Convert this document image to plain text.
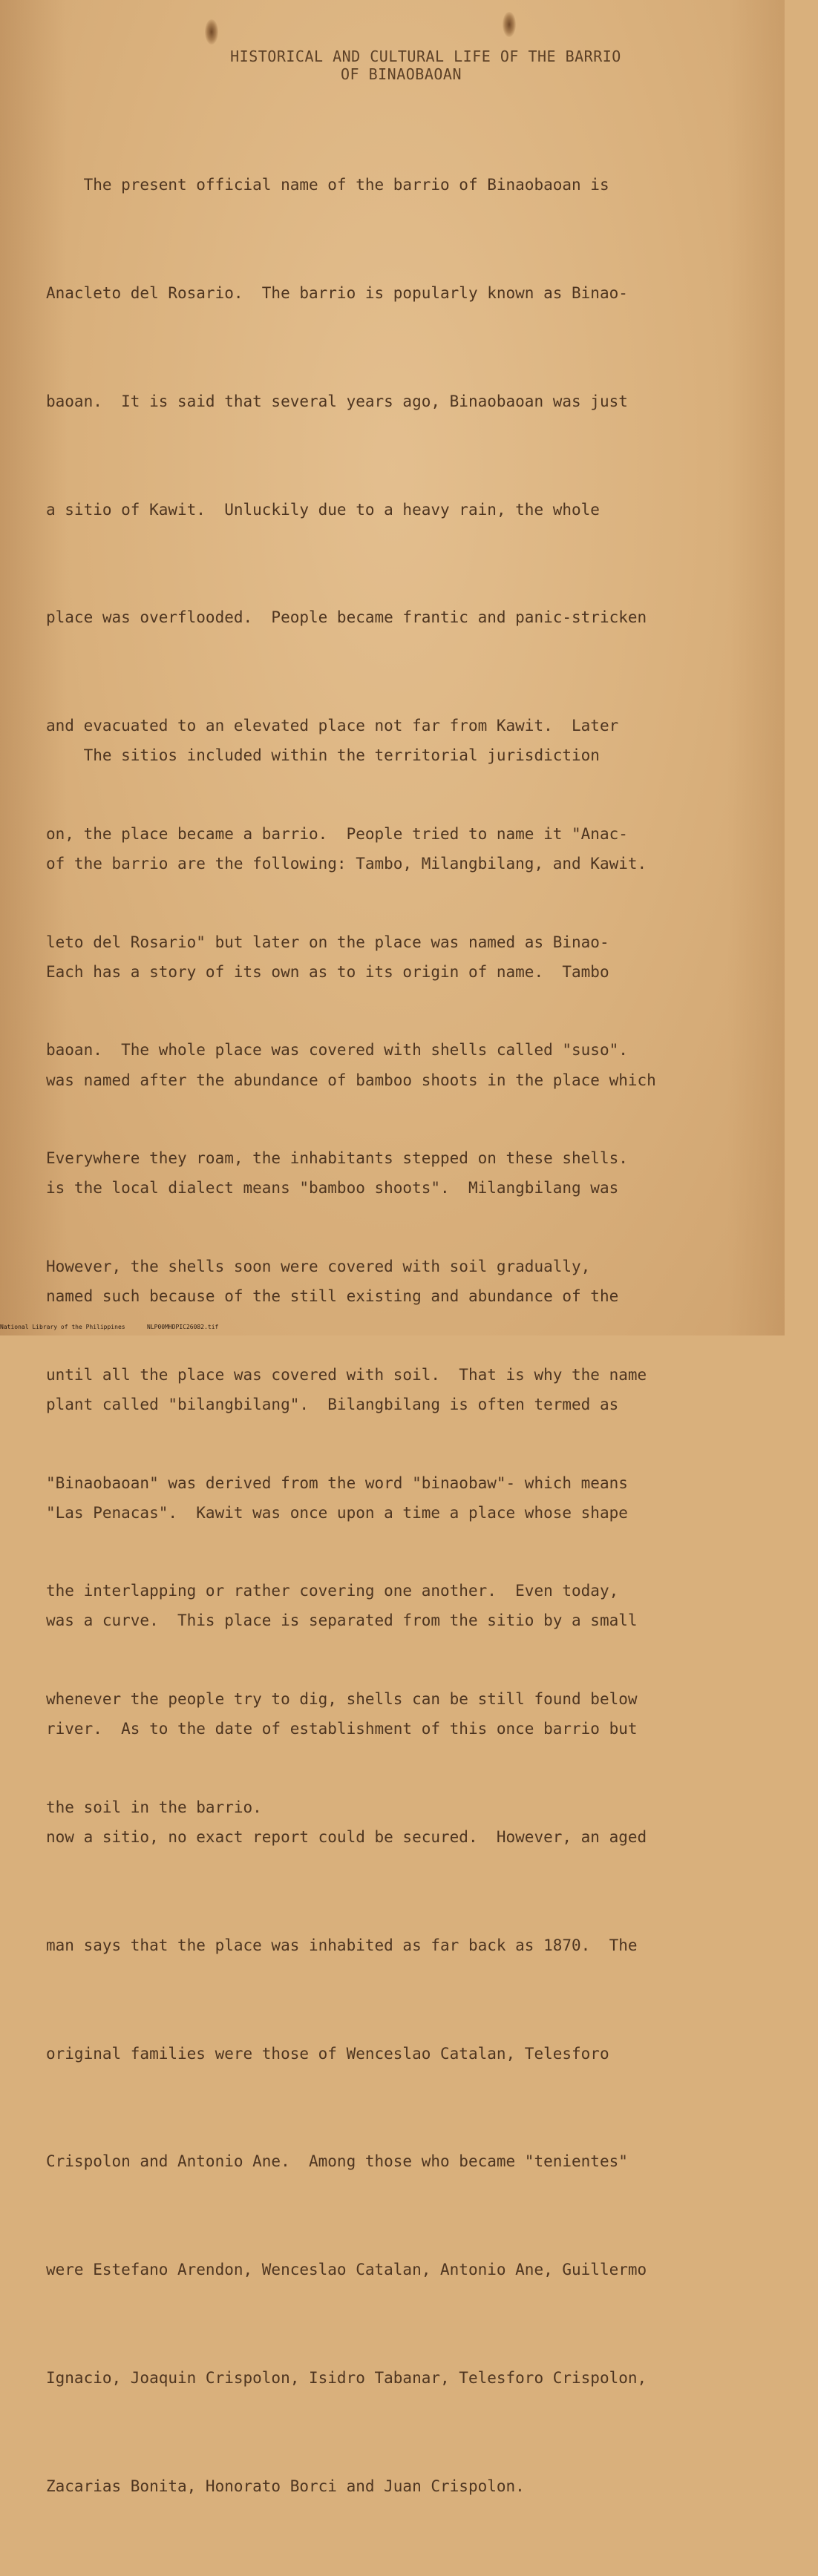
HISTORICAL AND CULTURAL LIFE OF THE BARRIO
OF BINAOBAOAN

The present official name of the barrio of Binaobaoan is

Anacleto del Rosario.  The barrio is popularly known as Binao-

baoan.  It is said that several years ago, Binaobaoan was just

a sitio of Kawit.  Unluckily due to a heavy rain, the whole

place was overflooded.  People became frantic and panic-stricken

and evacuated to an elevated place not far from Kawit.  Later

on, the place became a barrio.  People tried to name it "Anac-

leto del Rosario" but later on the place was named as Binao-

baoan.  The whole place was covered with shells called "suso".

Everywhere they roam, the inhabitants stepped on these shells.

However, the shells soon were covered with soil gradually,

until all the place was covered with soil.  That is why the name

"Binaobaoan" was derived from the word "binaobaw"- which means

the interlapping or rather covering one another.  Even today,

whenever the people try to dig, shells can be still found below

the soil in the barrio.

The sitios included within the territorial jurisdiction

of the barrio are the following: Tambo, Milangbilang, and Kawit.

Each has a story of its own as to its origin of name.  Tambo

was named after the abundance of bamboo shoots in the place which

is the local dialect means "bamboo shoots".  Milangbilang was

named such because of the still existing and abundance of the

plant called "bilangbilang".  Bilangbilang is often termed as

"Las Penacas".  Kawit was once upon a time a place whose shape

was a curve.  This place is separated from the sitio by a small

river.  As to the date of establishment of this once barrio but

now a sitio, no exact report could be secured.  However, an aged

man says that the place was inhabited as far back as 1870.  The

original families were those of Wenceslao Catalan, Telesforo

Crispolon and Antonio Ane.  Among those who became "tenientes"

were Estefano Arendon, Wenceslao Catalan, Antonio Ane, Guillermo

Ignacio, Joaquin Crispolon, Isidro Tabanar, Telesforo Crispolon,

Zacarias Bonita, Honorato Borci and Juan Crispolon.

National Library of the Philippines

	NLP00MHDPIC26082.tif
